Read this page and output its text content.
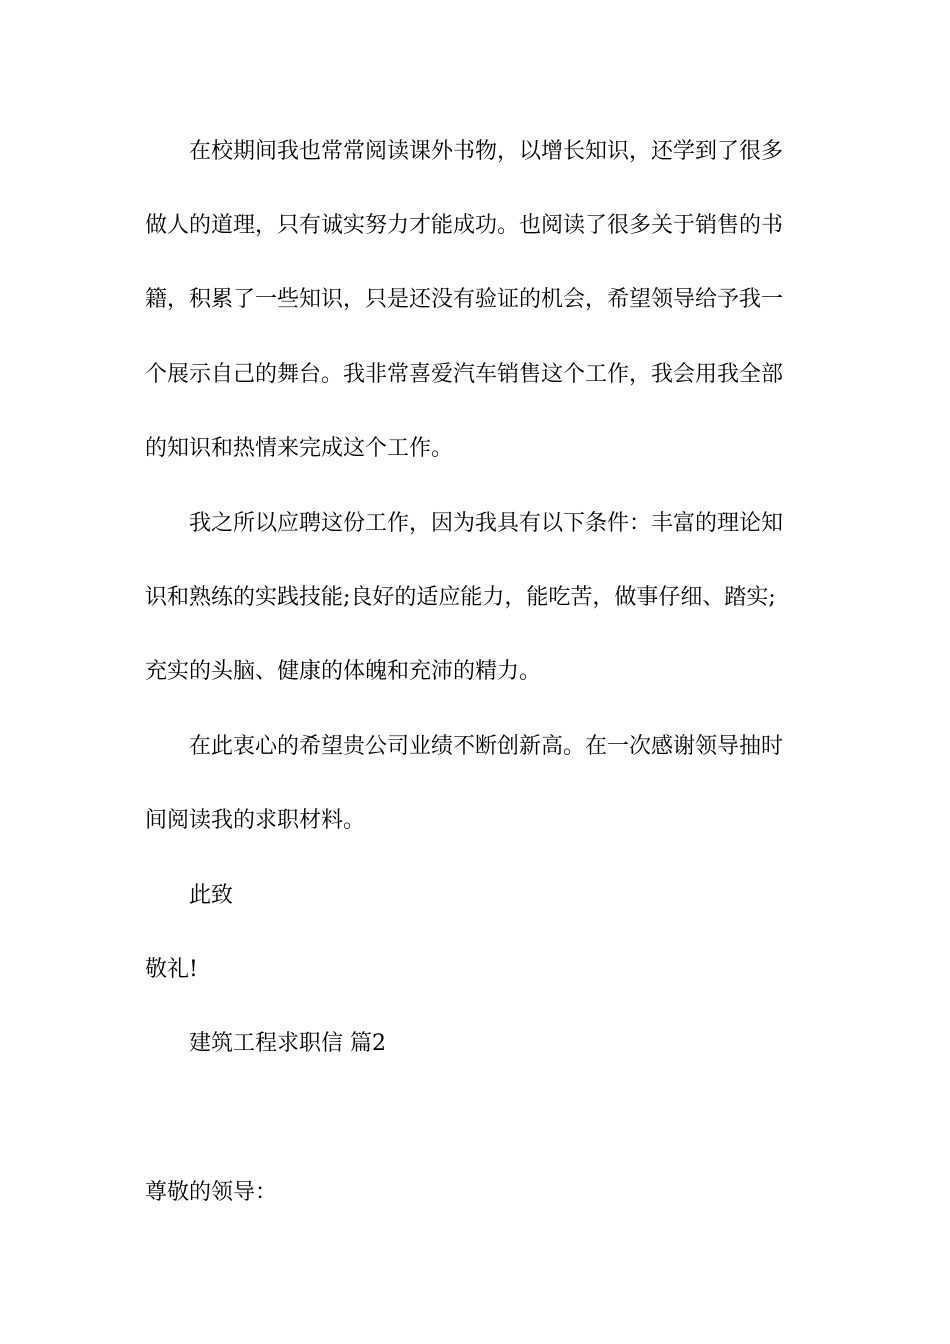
在校期间我也常常阅读课外书物，以增长知识，还学到了很多
做人的道理，只有诚实努力才能成功。也阅读了很多关于销售的书
籍，积累了一些知识，只是还没有验证的机会，希望领导给予我一
个展示自己的舞台。我非常喜爱汽车销售这个工作，我会用我全部
的知识和热情来完成这个工作。
我之所以应聘这份工作，因为我具有以下条件：丰富的理论知
识和熟练的实践技能;良好的适应能力，能吃苦，做事仔细、踏实;
充实的头脑、健康的体魄和充沛的精力。
在此衷心的希望贵公司业绩不断创新高。在一次感谢领导抽时
间阅读我的求职材料。
此致
敬礼!
建筑工程求职信 篇2
尊敬的领导：
